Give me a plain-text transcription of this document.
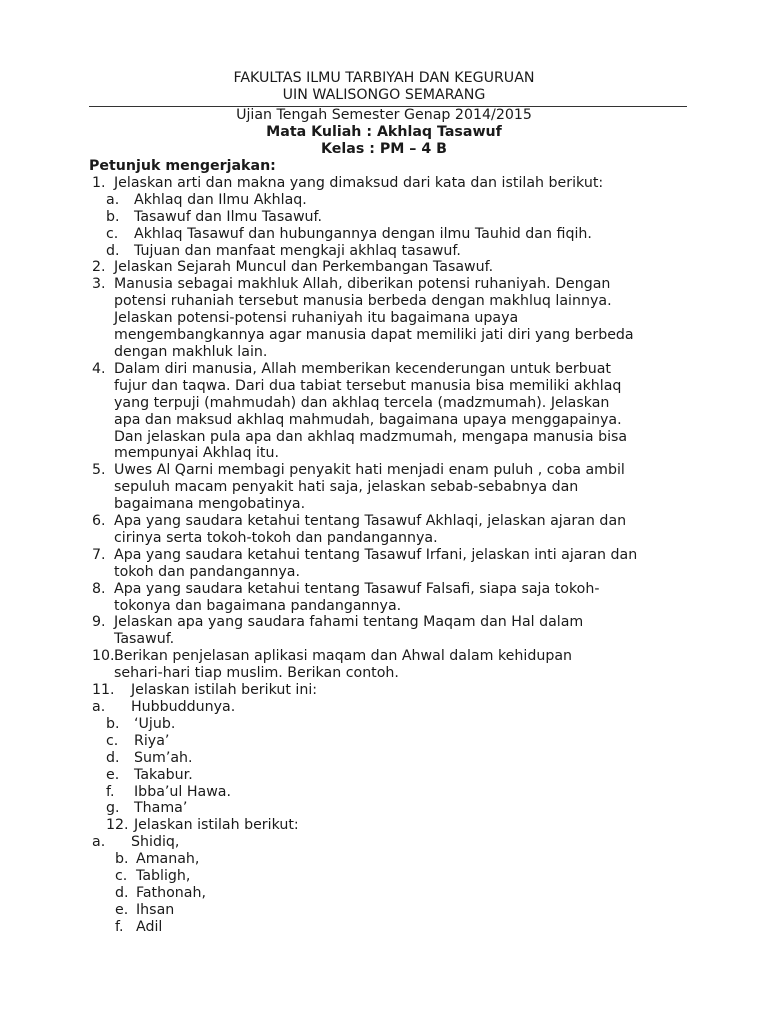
FAKULTAS ILMU TARBIYAH DAN KEGURUAN
UIN WALISONGO SEMARANG
Ujian Tengah Semester Genap 2014/2015
Mata Kuliah : Akhlaq Tasawuf
Kelas : PM – 4 B
Petunjuk mengerjakan:
1. Jelaskan arti dan makna yang dimaksud dari kata dan istilah berikut:
a.	Akhlaq dan Ilmu Akhlaq.
b.	Tasawuf dan Ilmu Tasawuf.
c.	Akhlaq Tasawuf dan hubungannya dengan ilmu Tauhid dan fiqih.
d.	Tujuan dan manfaat mengkaji akhlaq tasawuf.
2. Jelaskan Sejarah Muncul dan Perkembangan Tasawuf.
3. Manusia sebagai makhluk Allah, diberikan potensi ruhaniyah. Dengan
potensi ruhaniah tersebut manusia berbeda dengan makhluq lainnya.
Jelaskan potensi-potensi ruhaniyah itu bagaimana upaya
mengembangkannya agar manusia dapat memiliki jati diri yang berbeda
dengan makhluk lain.
4. Dalam diri manusia, Allah memberikan kecenderungan untuk berbuat
fujur dan taqwa. Dari dua tabiat tersebut manusia bisa memiliki akhlaq
yang terpuji (mahmudah) dan akhlaq tercela (madzmumah). Jelaskan
apa dan maksud akhlaq mahmudah, bagaimana upaya menggapainya.
Dan jelaskan pula apa dan akhlaq madzmumah, mengapa manusia bisa
mempunyai Akhlaq itu.
5. Uwes Al Qarni membagi penyakit hati menjadi enam puluh , coba ambil
sepuluh macam penyakit hati saja, jelaskan sebab-sebabnya dan
bagaimana mengobatinya.
6. Apa yang saudara ketahui tentang Tasawuf Akhlaqi, jelaskan ajaran dan
cirinya serta tokoh-tokoh dan pandangannya.
7. Apa yang saudara ketahui tentang Tasawuf Irfani, jelaskan inti ajaran dan
tokoh dan pandangannya.
8. Apa yang saudara ketahui tentang Tasawuf Falsafi, siapa saja tokoh-
tokonya dan bagaimana pandangannya.
9. Jelaskan apa yang saudara fahami tentang Maqam dan Hal dalam
Tasawuf.
10. Berikan penjelasan aplikasi maqam dan Ahwal dalam kehidupan
sehari-hari tiap muslim. Berikan contoh.
11.	Jelaskan istilah berikut ini:
a.	Hubbuddunya.
b.	‘Ujub.
c.	Riya’
d.	Sum’ah.
e.	Takabur.
f.	Ibba’ul Hawa.
g.	Thama’
12. Jelaskan istilah berikut:
a.	Shidiq,
b. Amanah,
c. Tabligh,
d. Fathonah,
e. Ihsan
f. Adil
